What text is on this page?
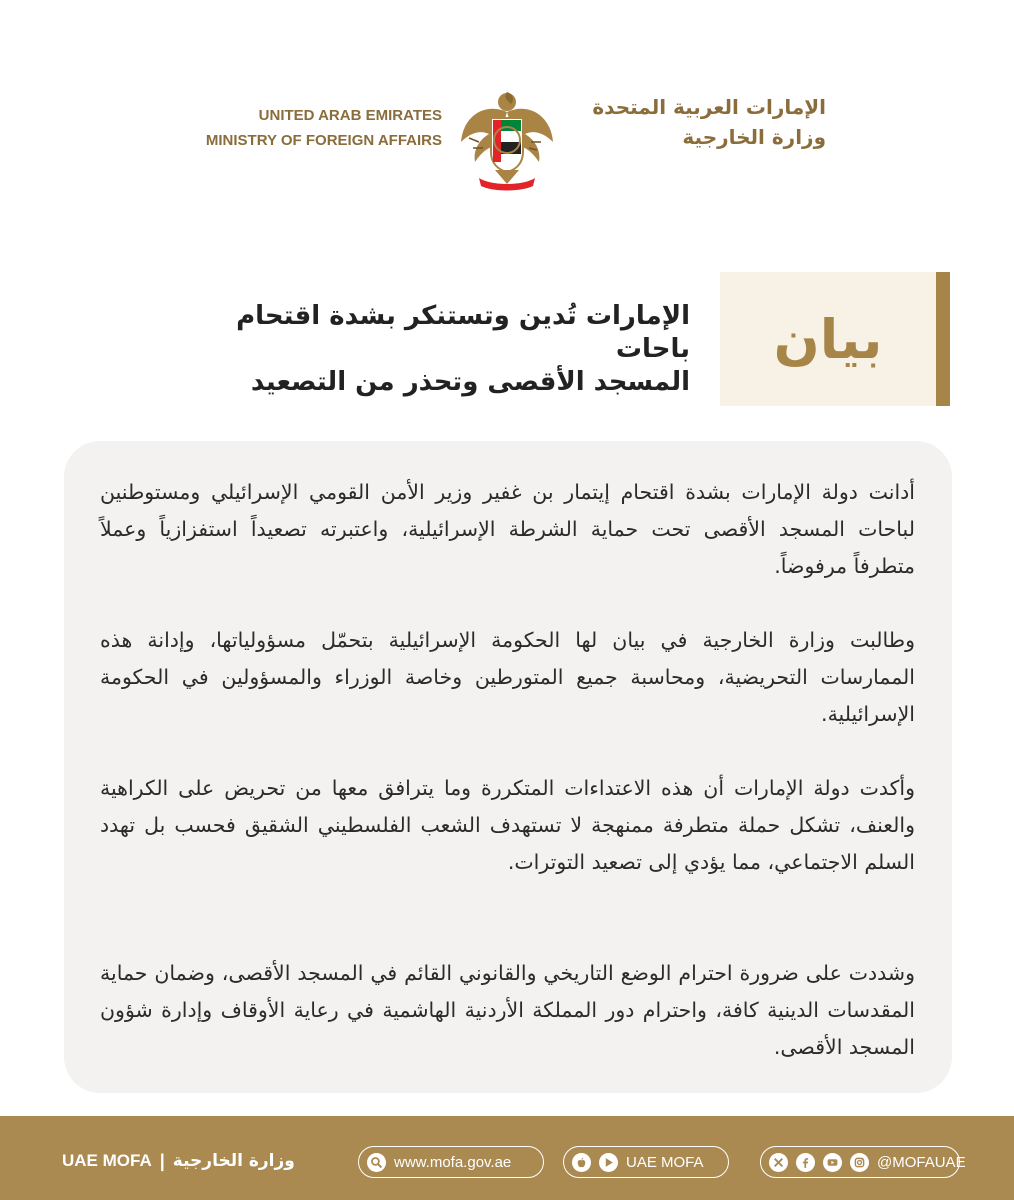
UNITED ARAB EMIRATES
MINISTRY OF FOREIGN AFFAIRS
الإمارات العربية المتحدة
وزارة الخارجية
بيان
الإمارات تُدين وتستنكر بشدة اقتحام باحات
المسجد الأقصى وتحذر من التصعيد

أدانت دولة الإمارات بشدة اقتحام إيتمار بن غفير وزير الأمن القومي الإسرائيلي ومستوطنين لباحات المسجد الأقصى تحت حماية الشرطة الإسرائيلية، واعتبرته تصعيداً استفزازياً وعملاً متطرفاً مرفوضاً.

وطالبت وزارة الخارجية في بيان لها الحكومة الإسرائيلية بتحمّل مسؤولياتها، وإدانة هذه الممارسات التحريضية، ومحاسبة جميع المتورطين وخاصة الوزراء والمسؤولين في الحكومة الإسرائيلية.

وأكدت دولة الإمارات أن هذه الاعتداءات المتكررة وما يترافق معها من تحريض على الكراهية والعنف، تشكل حملة متطرفة ممنهجة لا تستهدف الشعب الفلسطيني الشقيق فحسب بل تهدد السلم الاجتماعي، مما يؤدي إلى تصعيد التوترات.

وشددت على ضرورة احترام الوضع التاريخي والقانوني القائم في المسجد الأقصى، وضمان حماية المقدسات الدينية كافة، واحترام دور المملكة الأردنية الهاشمية في رعاية الأوقاف وإدارة شؤون المسجد الأقصى.

UAE MOFA | وزارة الخارجية	www.mofa.gov.ae	UAE MOFA	@MOFAUAE
